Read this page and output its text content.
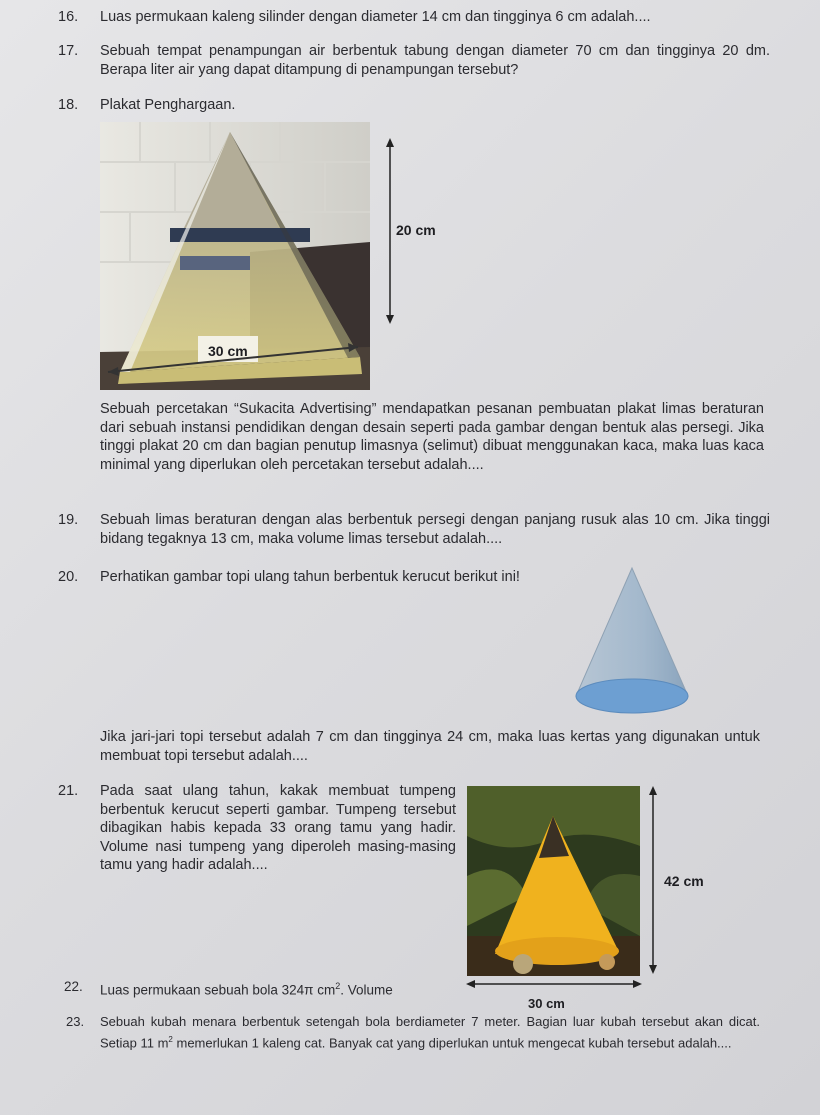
16. Luas permukaan kaleng silinder dengan diameter 14 cm dan tingginya 6 cm adalah....
17. Sebuah tempat penampungan air berbentuk tabung dengan diameter 70 cm dan tingginya 20 dm. Berapa liter air yang dapat ditampung di penampungan tersebut?
18. Plakat Penghargaan.
Sebuah percetakan “Sukacita Advertising” mendapatkan pesanan pembuatan plakat limas beraturan dari sebuah instansi pendidikan dengan desain seperti pada gambar dengan bentuk alas persegi. Jika tinggi plakat 20 cm dan bagian penutup limasnya (selimut) dibuat menggunakan kaca, maka luas kaca minimal yang diperlukan oleh percetakan tersebut adalah....
30 cm
20 cm
19. Sebuah limas beraturan dengan alas berbentuk persegi dengan panjang rusuk alas 10 cm. Jika tinggi bidang tegaknya 13 cm, maka volume limas tersebut adalah....
20. Perhatikan gambar topi ulang tahun berbentuk kerucut berikut ini!
Jika jari-jari topi tersebut adalah 7 cm dan tingginya 24 cm, maka luas kertas yang digunakan untuk membuat topi tersebut adalah....
21. Pada saat ulang tahun, kakak membuat tumpeng berbentuk kerucut seperti gambar. Tumpeng tersebut dibagikan habis kepada 33 orang tamu yang hadir. Volume nasi tumpeng yang diperoleh masing-masing tamu yang hadir adalah....
42 cm
30 cm
22. Luas permukaan sebuah bola 324π $cm^2$. Volume
23. Sebuah kubah menara berbentuk setengah bola berdiameter 7 meter. Bagian luar kubah tersebut akan dicat. Setiap 11 $m^2$ memerlukan 1 kaleng cat. Banyak cat yang diperlukan untuk mengecat kubah tersebut adalah....
